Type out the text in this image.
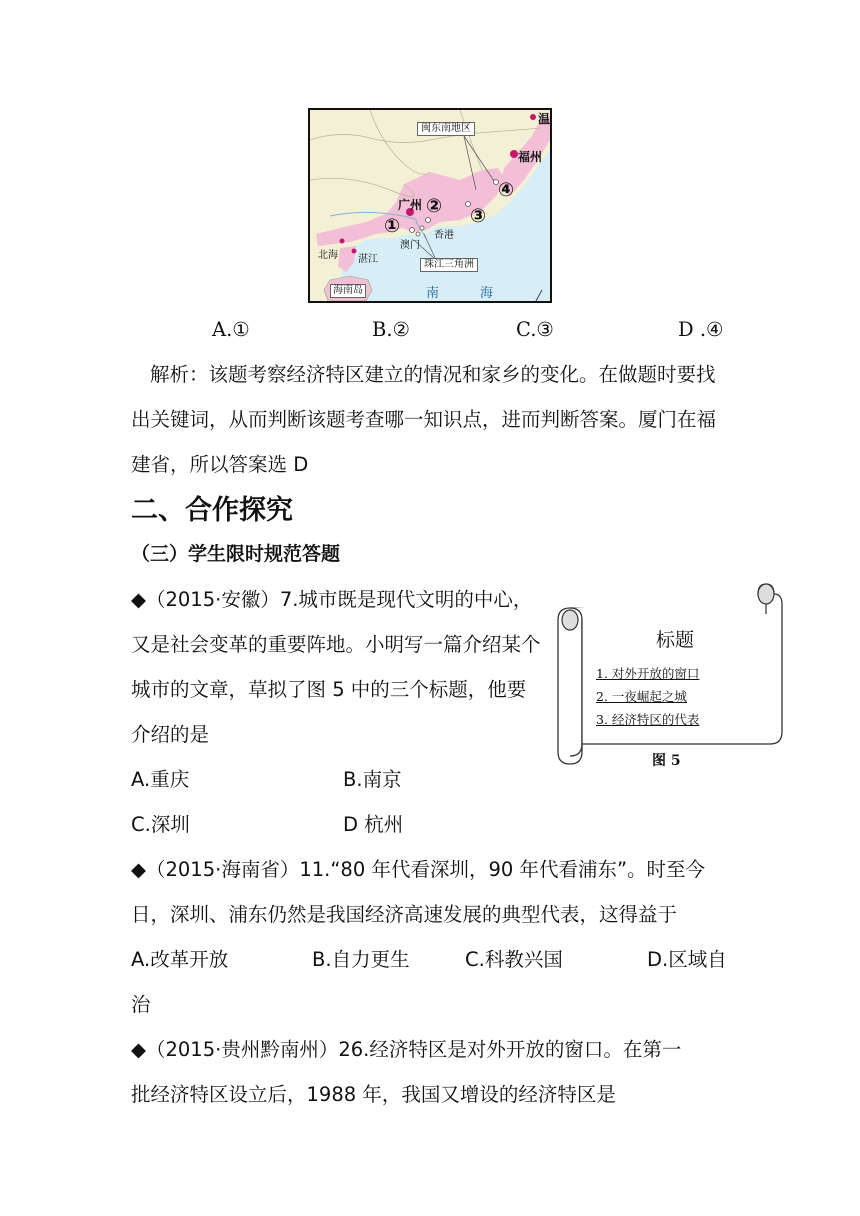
闽东南地区
珠江三角洲
海南岛
温
福州
广州
香港
澳门
北海 湛江
南	海
①
② ③
④
A.①	B.②	C.③	D .④
解析：该题考察经济特区建立的情况和家乡的变化。在做题时要找
出关键词，从而判断该题考查哪一知识点，进而判断答案。厦门在福
建省，所以答案选 D
二、合作探究
（三）学生限时规范答题
◆（2015·安徽）7.城市既是现代文明的中心，
又是社会变革的重要阵地。小明写一篇介绍某个
城市的文章，草拟了图 5 中的三个标题，他要
介绍的是
A.重庆	B.南京
C.深圳	D 杭州
标题
1. 对外开放的窗口
2. 一夜崛起之城
3. 经济特区的代表
图 5
◆（2015·海南省）11.“80 年代看深圳，90 年代看浦东”。时至今
日，深圳、浦东仍然是我国经济高速发展的典型代表，这得益于
A.改革开放	B.自力更生	C.科教兴国	D.区域自
治
◆（2015·贵州黔南州）26.经济特区是对外开放的窗口。在第一
批经济特区设立后，1988 年，我国又增设的经济特区是
